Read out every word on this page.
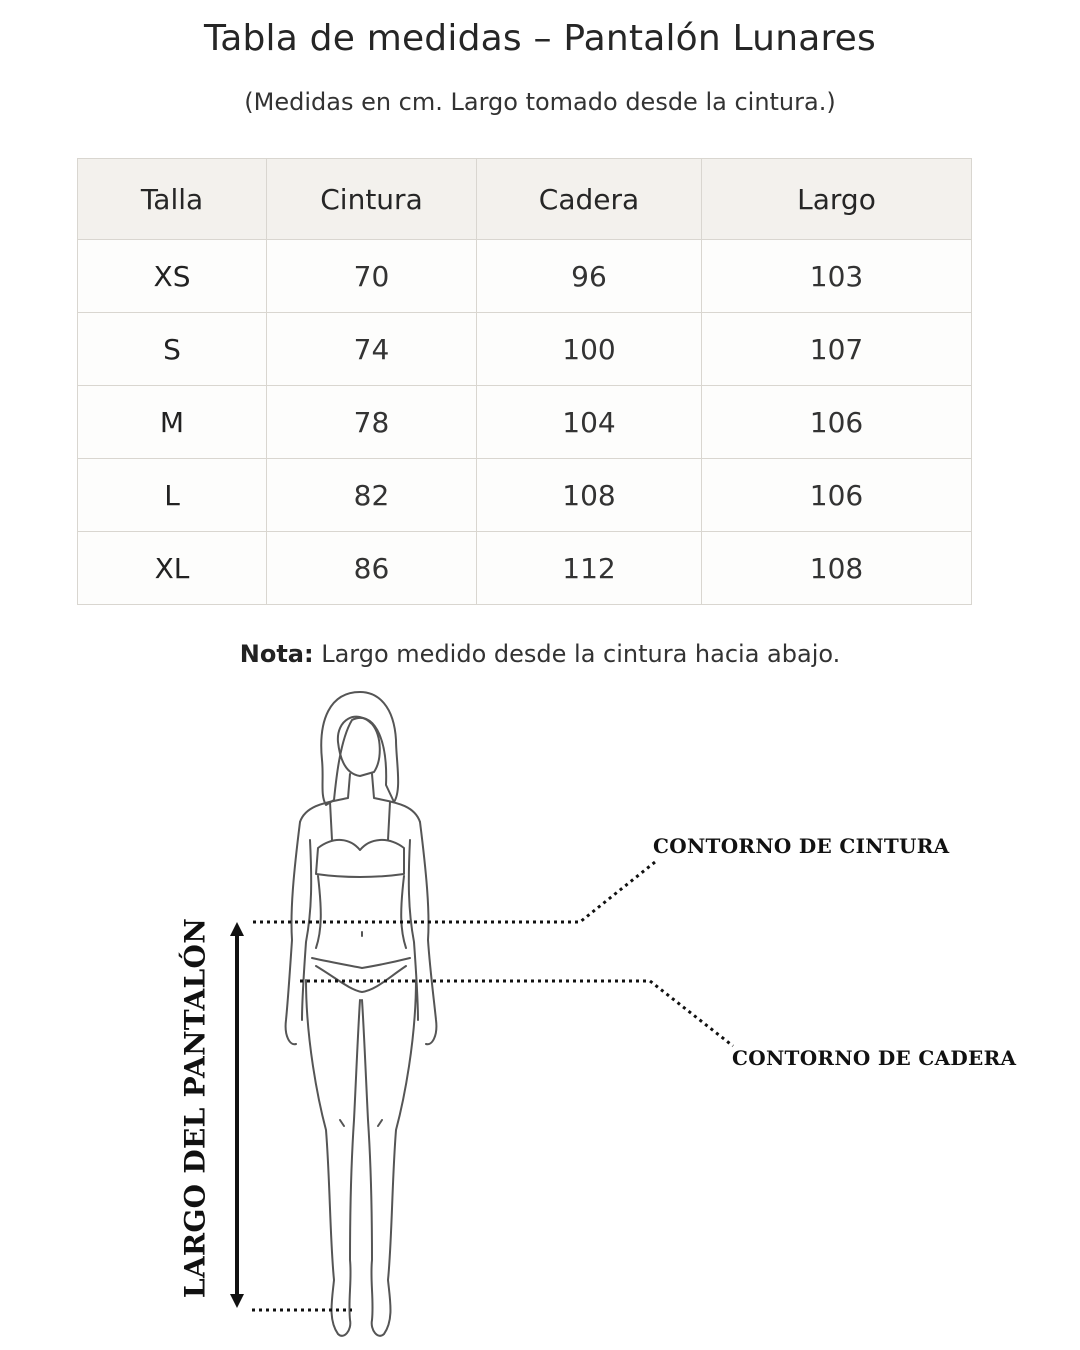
Tabla de medidas – Pantalón Lunares
(Medidas en cm. Largo tomado desde la cintura.)
Talla	Cintura	Cadera	Largo
XS	70	96	103
S	74	100	107
M	78	104	106
L	82	108	106
XL	86	112	108
Nota: Largo medido desde la cintura hacia abajo.
CONTORNO DE CINTURA
CONTORNO DE CADERA
LARGO DEL PANTALÓN
